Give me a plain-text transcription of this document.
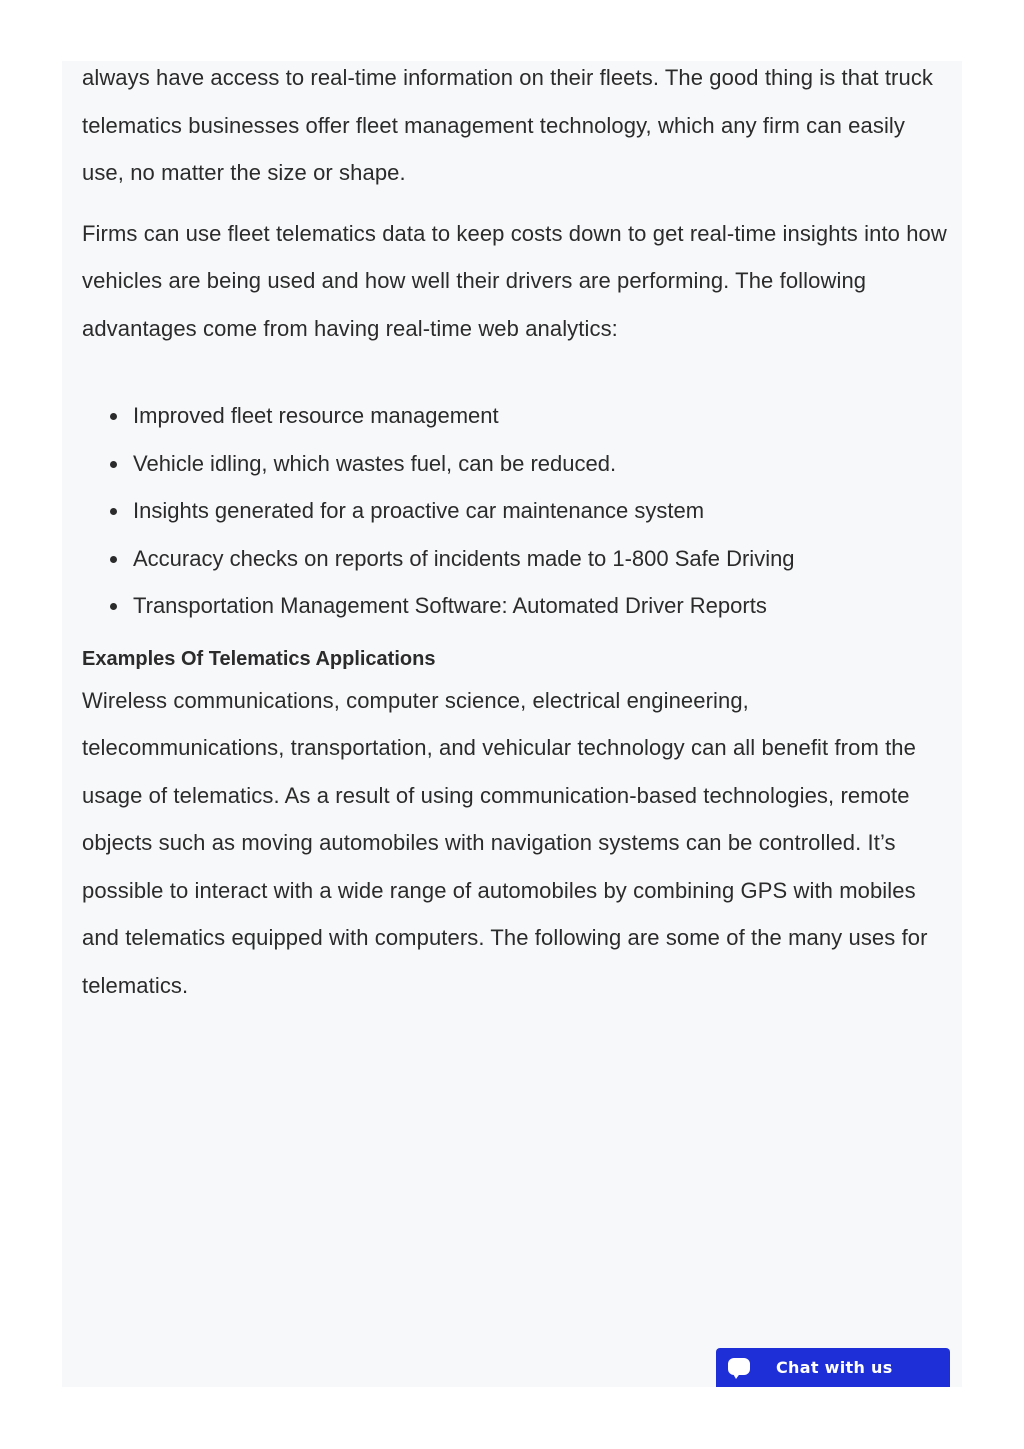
always have access to real-time information on their fleets. The good thing is that truck telematics businesses offer fleet management technology, which any firm can easily use, no matter the size or shape.

Firms can use fleet telematics data to keep costs down to get real-time insights into how vehicles are being used and how well their drivers are performing. The following advantages come from having real-time web analytics:

Improved fleet resource management
Vehicle idling, which wastes fuel, can be reduced.
Insights generated for a proactive car maintenance system
Accuracy checks on reports of incidents made to 1-800 Safe Driving
Transportation Management Software: Automated Driver Reports
Examples Of Telematics Applications

Wireless communications, computer science, electrical engineering, telecommunications, transportation, and vehicular technology can all benefit from the usage of telematics. As a result of using communication-based technologies, remote objects such as moving automobiles with navigation systems can be controlled. It’s possible to interact with a wide range of automobiles by combining GPS with mobiles and telematics equipped with computers. The following are some of the many uses for telematics.

Chat with us
